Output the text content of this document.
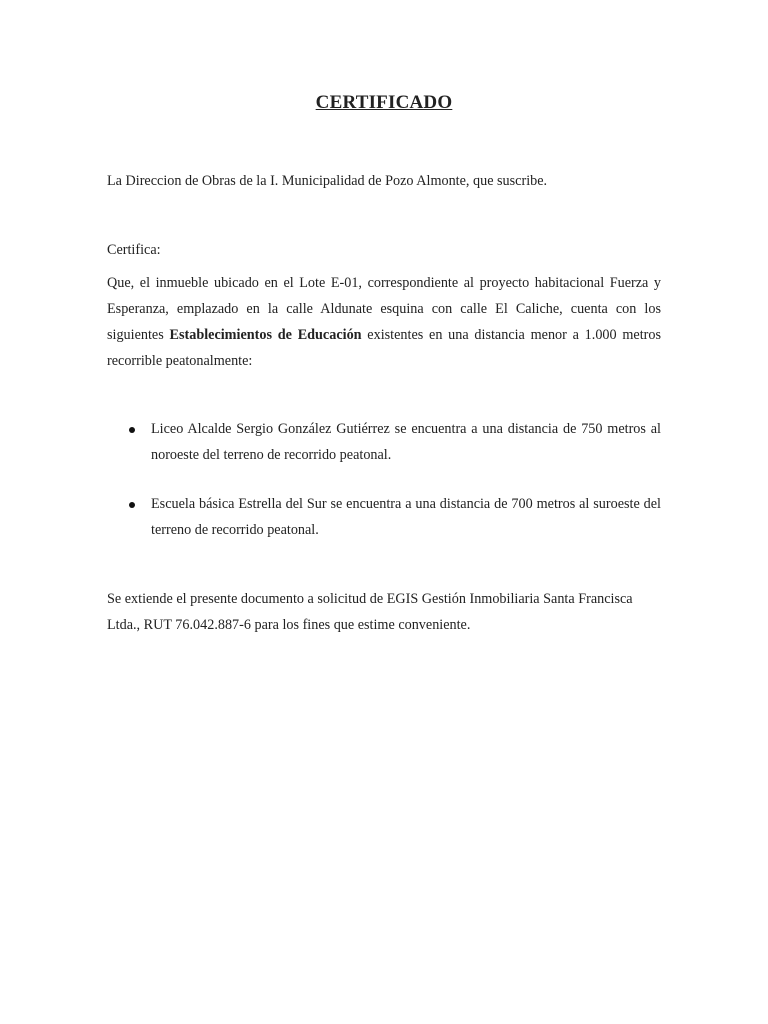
CERTIFICADO

La Direccion de Obras de la I. Municipalidad de Pozo Almonte, que suscribe.

Certifica:

Que, el inmueble ubicado en el Lote E-01, correspondiente al proyecto habitacional Fuerza y Esperanza, emplazado en la calle Aldunate esquina con calle El Caliche, cuenta con los siguientes Establecimientos de Educación existentes en una distancia menor a 1.000 metros recorrible peatonalmente:

Liceo Alcalde Sergio González Gutiérrez se encuentra a una distancia de 750 metros al noroeste del terreno de recorrido peatonal.
Escuela básica Estrella del Sur se encuentra a una distancia de 700 metros al suroeste del terreno de recorrido peatonal.

Se extiende el presente documento a solicitud de EGIS Gestión Inmobiliaria Santa Francisca Ltda., RUT 76.042.887-6 para los fines que estime conveniente.
